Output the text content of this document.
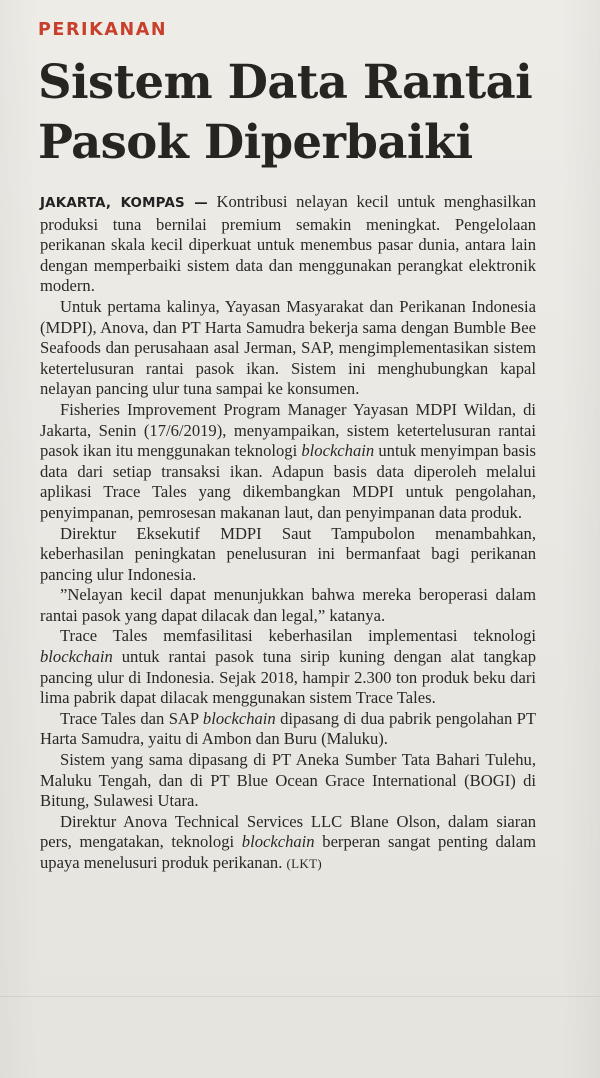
PERIKANAN
Sistem Data Rantai
Pasok Diperbaiki

JAKARTA, KOMPAS — Kontribusi nelayan kecil untuk menghasilkan produksi tuna bernilai premium semakin meningkat. Pengelolaan perikanan skala kecil diperkuat untuk menembus pasar dunia, antara lain dengan memperbaiki sistem data dan menggunakan perangkat elektronik modern.

Untuk pertama kalinya, Yayasan Masyarakat dan Perikanan Indonesia (MDPI), Anova, dan PT Harta Samudra bekerja sama dengan Bumble Bee Seafoods dan perusahaan asal Jerman, SAP, mengimplementasikan sistem ketertelusuran rantai pasok ikan. Sistem ini menghubungkan kapal nelayan pancing ulur tuna sampai ke konsumen.

Fisheries Improvement Program Manager Yayasan MDPI Wildan, di Jakarta, Senin (17/6/2019), menyampaikan, sistem ketertelusuran rantai pasok ikan itu menggunakan teknologi blockchain untuk menyimpan basis data dari setiap transaksi ikan. Adapun basis data diperoleh melalui aplikasi Trace Tales yang dikembangkan MDPI untuk pengolahan, penyimpanan, pemrosesan makanan laut, dan penyimpanan data produk.

Direktur Eksekutif MDPI Saut Tampubolon menambahkan, keberhasilan peningkatan penelusuran ini bermanfaat bagi perikanan pancing ulur Indonesia.

”Nelayan kecil dapat menunjukkan bahwa mereka beroperasi dalam rantai pasok yang dapat dilacak dan legal,” katanya.

Trace Tales memfasilitasi keberhasilan implementasi teknologi blockchain untuk rantai pasok tuna sirip kuning dengan alat tangkap pancing ulur di Indonesia. Sejak 2018, hampir 2.300 ton produk beku dari lima pabrik dapat dilacak menggunakan sistem Trace Tales.

Trace Tales dan SAP blockchain dipasang di dua pabrik pengolahan PT Harta Samudra, yaitu di Ambon dan Buru (Maluku).

Sistem yang sama dipasang di PT Aneka Sumber Tata Bahari Tulehu, Maluku Tengah, dan di PT Blue Ocean Grace International (BOGI) di Bitung, Sulawesi Utara.

Direktur Anova Technical Services LLC Blane Olson, dalam siaran pers, mengatakan, teknologi blockchain berperan sangat penting dalam upaya menelusuri produk perikanan. (LKT)
